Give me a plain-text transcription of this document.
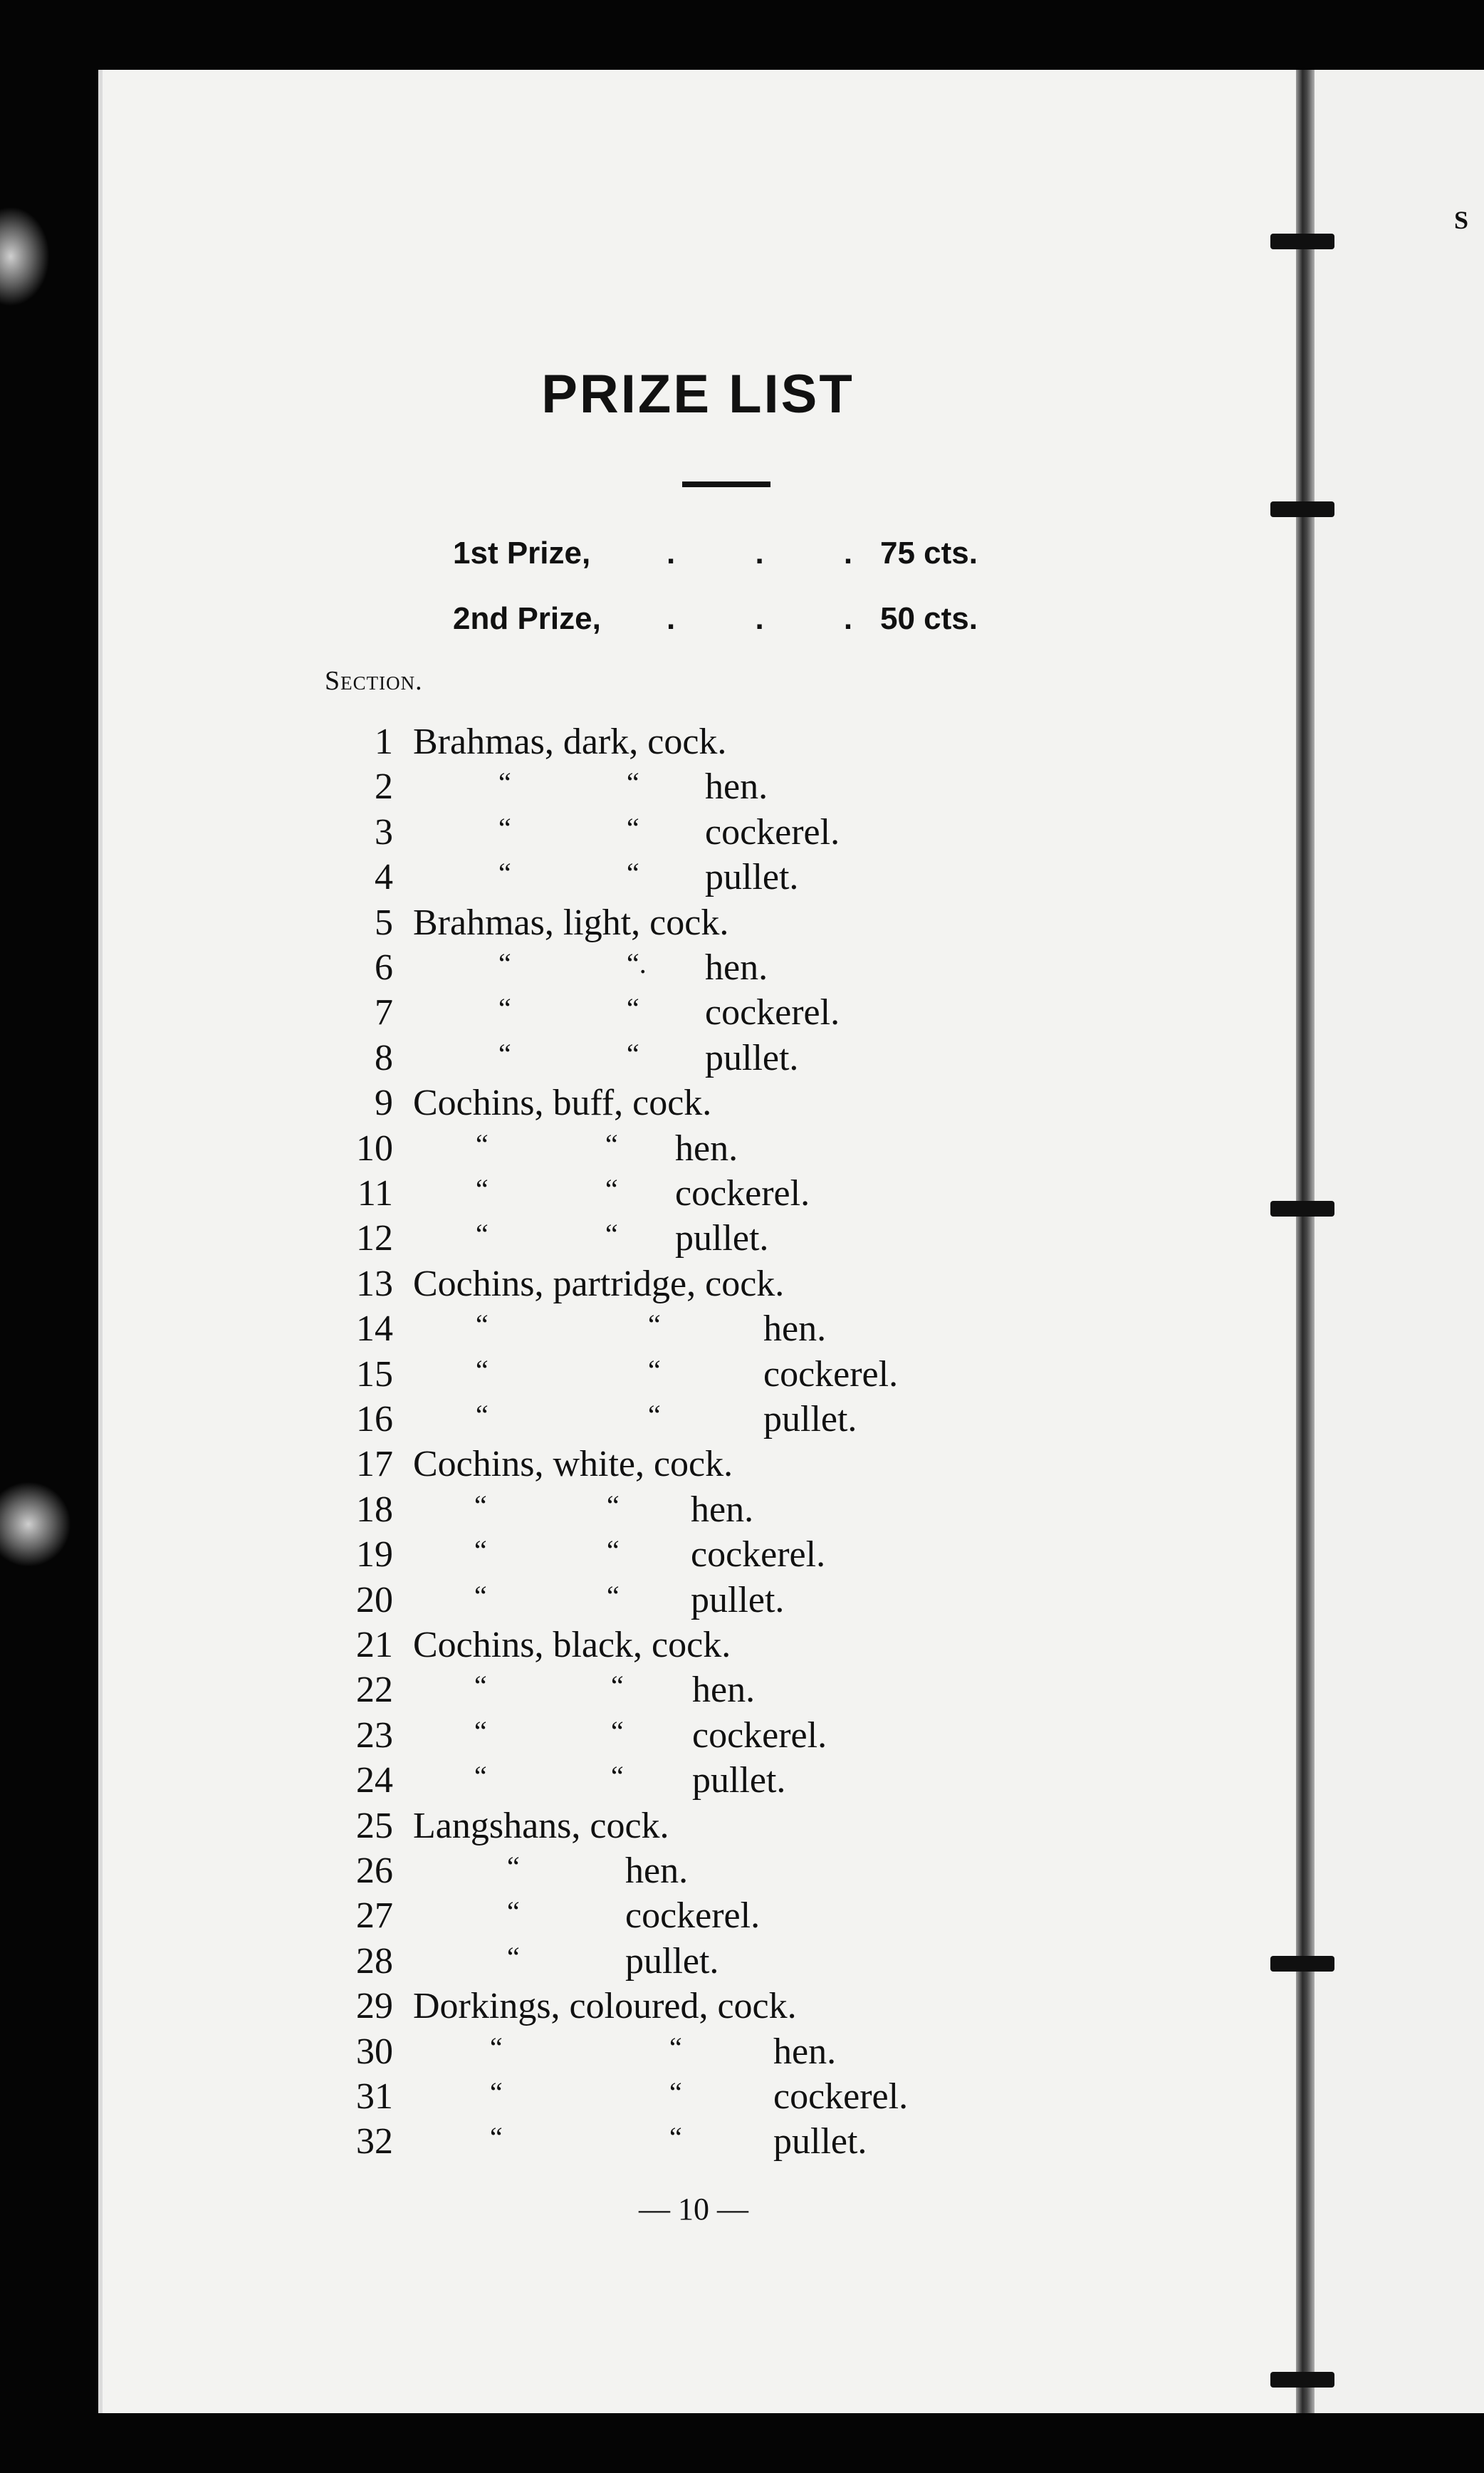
S
PRIZE LIST
1st Prize, . . .
75 cts.
2nd Prize, . . .
50 cts.
Section.
1 Brahmas, dark, cock.
2	“	“ hen.
3	“	“ cockerel.
4	“	“ pullet.
5 Brahmas, light, cock.
6	“	“. hen.
7	“	“ cockerel.
8	“	“ pullet.
9 Cochins, buff, cock.
10	“	“ hen.
11	“	“ cockerel.
12	“	“ pullet.
13 Cochins, partridge, cock.
14	“	“	hen.
15	“	“	cockerel.
16	“	“	pullet.
17 Cochins, white, cock.
18	“	“ hen.
19	“	“ cockerel.
20	“	“ pullet.
21 Cochins, black, cock.
22	“	“ hen.
23	“	“ cockerel.
24	“	“ pullet.
25 Langshans, cock.
26	“	hen.
27	“	cockerel.
28	“	pullet.
29 Dorkings, coloured, cock.
30	“	“ hen.
31	“	“ cockerel.
32	“	“ pullet.
— 10 —
